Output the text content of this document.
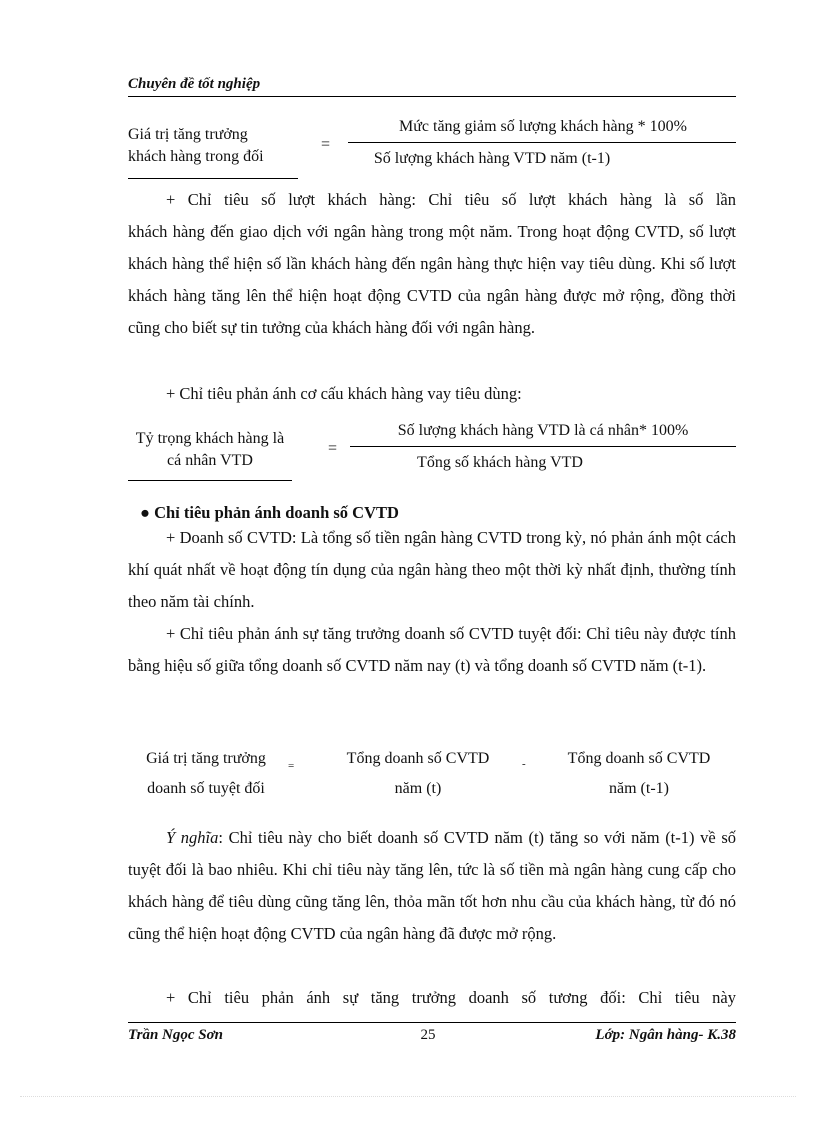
Chuyên đề tốt nghiệp
Giá trị tăng trưởng
khách hàng trong đối
=
Mức tăng giảm số lượng khách hàng * 100%
Số lượng khách hàng VTD năm (t-1)

+ Chỉ tiêu số lượt khách hàng: Chỉ tiêu số lượt khách hàng là số lần

khách hàng đến giao dịch với ngân hàng trong một năm. Trong hoạt động CVTD, số lượt khách hàng thể hiện số lần khách hàng đến ngân hàng thực hiện vay tiêu dùng. Khi số lượt khách hàng tăng lên thể hiện hoạt động CVTD của ngân hàng được mở rộng, đồng thời cũng cho biết sự tin tưởng của khách hàng đối với ngân hàng.

+ Chỉ tiêu phản ánh cơ cấu khách hàng vay tiêu dùng:

Tỷ trọng khách hàng là
cá nhân VTD
=
Số lượng khách hàng VTD là cá nhân* 100%
Tổng số khách hàng VTD
● Chỉ tiêu phản ánh doanh số CVTD

+ Doanh số CVTD: Là tổng số tiền ngân hàng CVTD trong kỳ, nó phản ánh một cách khí quát nhất về hoạt động tín dụng của ngân hàng theo một thời kỳ nhất định, thường tính theo năm tài chính.

+ Chỉ tiêu phản ánh sự tăng trưởng doanh số CVTD tuyệt đối: Chỉ tiêu này được tính bằng hiệu số giữa tổng doanh số CVTD năm nay (t) và tổng doanh số CVTD năm (t-1).

Giá trị tăng trưởng
doanh số tuyệt đối
=	Tổng doanh số CVTD
năm (t)
-	Tổng doanh số CVTD
năm (t-1)

Ý nghĩa: Chỉ tiêu này cho biết doanh số CVTD năm (t) tăng so với năm (t-1) về số tuyệt đối là bao nhiêu. Khi chỉ tiêu này tăng lên, tức là số tiền mà ngân hàng cung cấp cho khách hàng để tiêu dùng cũng tăng lên, thỏa mãn tốt hơn nhu cầu của khách hàng, từ đó nó cũng thể hiện hoạt động CVTD của ngân hàng đã được mở rộng.

+ Chỉ tiêu phản ánh sự tăng trưởng doanh số tương đối: Chỉ tiêu này

Trần Ngọc Sơn	25	Lớp: Ngân hàng- K.38
